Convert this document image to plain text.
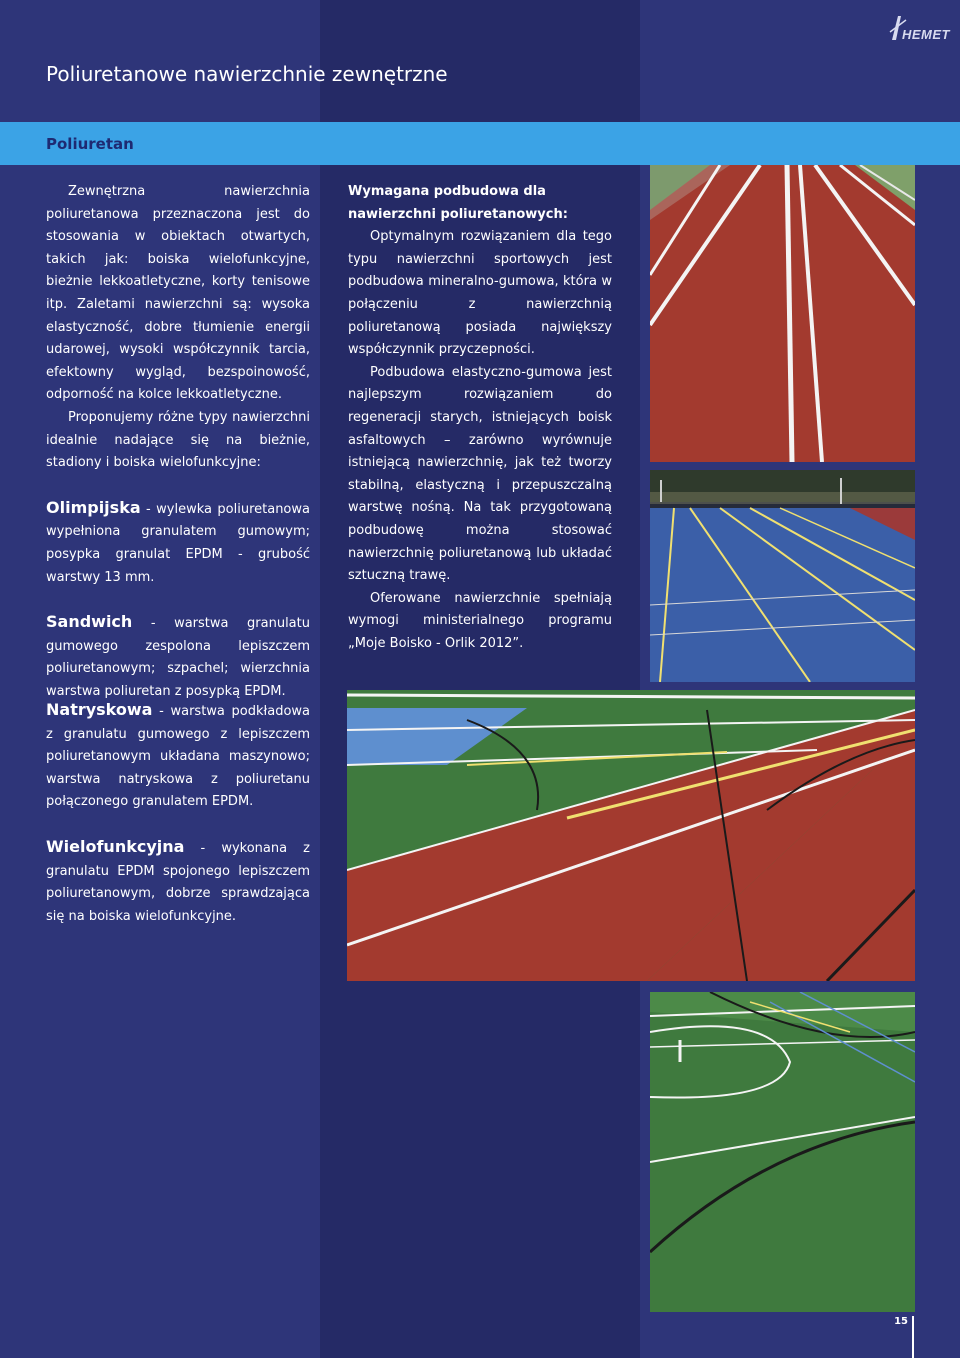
HEMET
Poliuretanowe nawierzchnie zewnętrzne
Poliuretan

Zewnętrzna nawierzchnia poliuretanowa przeznaczona jest do stosowania w obiektach otwartych, takich jak: boiska wielofunkcyjne, bieżnie lekkoatletyczne, korty tenisowe itp. Zaletami nawierzchni są: wysoka elastyczność, dobre tłumienie energii udarowej, wysoki współczynnik tarcia, efektowny wygląd, bezspoinowość, odporność na kolce lekkoatletyczne.

Proponujemy różne typy nawierzchni idealnie nadające się na bieżnie, stadiony i boiska wielofunkcyjne:

Olimpijska - wylewka poliuretanowa wypełniona granulatem gumowym; posypka granulat EPDM - grubość warstwy 13 mm.

Sandwich - warstwa granulatu gumowego zespolona lepiszczem poliuretanowym; szpachel; wierzchnia warstwa poliuretan z posypką EPDM.

Natryskowa - warstwa podkładowa z granulatu gumowego z lepiszczem poliuretanowym układana maszynowo; warstwa natryskowa z poliuretanu połączonego granulatem EPDM.

Wielofunkcyjna - wykonana z granulatu EPDM spojonego lepiszczem poliuretanowym, dobrze sprawdzająca się na boiska wielofunkcyjne.

Wymagana podbudowa dla nawierzchni poliuretanowych:

Optymalnym rozwiązaniem dla tego typu nawierzchni sportowych jest podbudowa mineralno-gumowa, która w połączeniu z nawierzchnią poliuretanową posiada największy współczynnik przyczepności.

Podbudowa elastyczno-gumowa jest najlepszym rozwiązaniem do regeneracji starych, istniejących boisk asfaltowych – zarówno wyrównuje istniejącą nawierzchnię, jak też tworzy stabilną, elastyczną i przepuszczalną warstwę nośną. Na tak przygotowaną podbudowę można stosować nawierzchnię poliuretanową lub układać sztuczną trawę.

Oferowane nawierzchnie spełniają wymogi ministerialnego programu „Moje Boisko - Orlik 2012”.

15
